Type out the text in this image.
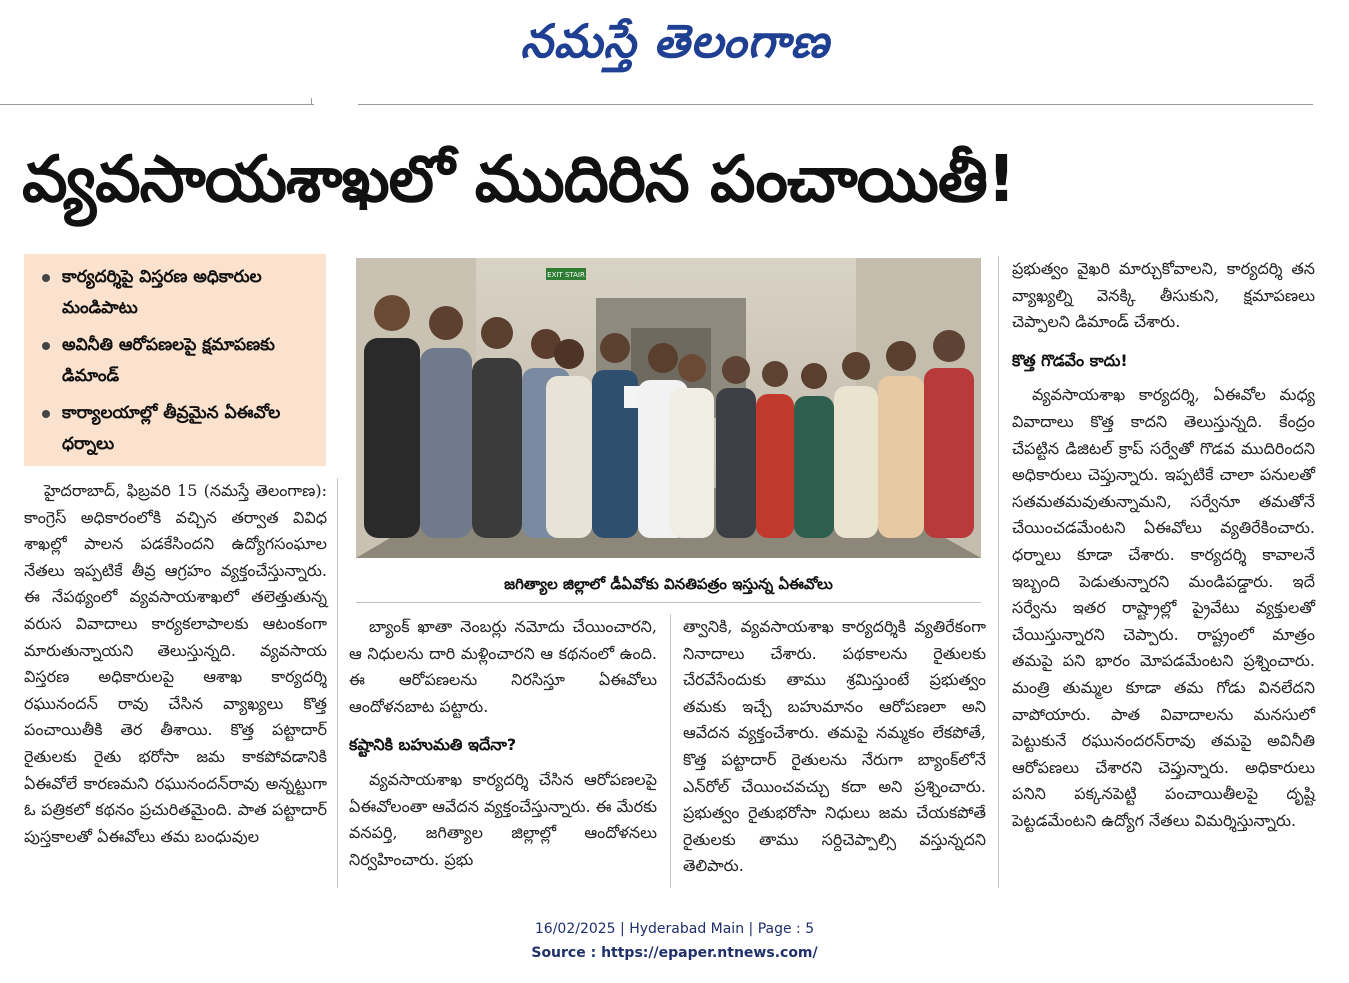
నమస్తే తెలంగాణ
వ్యవసాయశాఖలో ముదిరిన పంచాయితీ!
కార్యదర్శిపై విస్తరణ అధికారుల మండిపాటు
అవినీతి ఆరోపణలపై క్షమాపణకు డిమాండ్
కార్యాలయాల్లో తీవ్రమైన ఏఈవోల ధర్నాలు

హైదరాబాద్, ఫిబ్రవరి 15 (నమస్తే తెలంగాణ): కాంగ్రెస్ అధికారంలోకి వచ్చిన తర్వాత వివిధ శాఖల్లో పాలన పడకేసిందని ఉద్యోగసంఘాల నేతలు ఇప్పటికే తీవ్ర ఆగ్రహం వ్యక్తంచేస్తున్నారు. ఈ నేపథ్యంలో వ్యవసాయశాఖలో తలెత్తుతున్న వరుస వివాదాలు కార్యకలాపాలకు ఆటంకంగా మారుతున్నాయని తెలుస్తున్నది. వ్యవసాయ విస్తరణ అధికారులపై ఆశాఖ కార్యదర్శి రఘునందన్ రావు చేసిన వ్యాఖ్యలు కొత్త పంచాయితీకి తెర తీశాయి. కొత్త పట్టాదార్ రైతులకు రైతు భరోసా జమ కాకపోవడానికి ఏఈవోలే కారణమని రఘునందన్‌రావు అన్నట్టుగా ఓ పత్రికలో కథనం ప్రచురితమైంది. పాత పట్టాదార్ పుస్తకాలతో ఏఈవోలు తమ బంధువుల

EXIT STAIR
జగిత్యాల జిల్లాలో డీఏవోకు వినతిపత్రం ఇస్తున్న ఏఈవోలు

బ్యాంక్ ఖాతా నెంబర్లు నమోదు చేయించారని, ఆ నిధులను దారి మళ్లించారని ఆ కథనంలో ఉంది. ఈ ఆరోపణలను నిరసిస్తూ ఏఈవోలు ఆందోళనబాట పట్టారు.

కష్టానికి బహుమతి ఇదేనా?

వ్యవసాయశాఖ కార్యదర్శి చేసిన ఆరోపణలపై ఏఈవోలంతా ఆవేదన వ్యక్తంచేస్తున్నారు. ఈ మేరకు వనపర్తి, జగిత్యాల జిల్లాల్లో ఆందోళనలు నిర్వహించారు. ప్రభు

త్వానికి, వ్యవసాయశాఖ కార్యదర్శికి వ్యతిరేకంగా నినాదాలు చేశారు. పథకాలను రైతులకు చేరవేసేందుకు తాము శ్రమిస్తుంటే ప్రభుత్వం తమకు ఇచ్చే బహుమానం ఆరోపణలా అని ఆవేదన వ్యక్తంచేశారు. తమపై నమ్మకం లేకపోతే, కొత్త పట్టాదార్ రైతులను నేరుగా బ్యాంక్‌లోనే ఎన్‌రోల్ చేయించవచ్చు కదా అని ప్రశ్నించారు. ప్రభుత్వం రైతుభరోసా నిధులు జమ చేయకపోతే రైతులకు తాము సర్దిచెప్పాల్సి వస్తున్నదని తెలిపారు.

ప్రభుత్వం వైఖరి మార్చుకోవాలని, కార్యదర్శి తన వ్యాఖ్యల్ని వెనక్కి తీసుకుని, క్షమాపణలు చెప్పాలని డిమాండ్ చేశారు.

కొత్త గొడవేం కాదు!

వ్యవసాయశాఖ కార్యదర్శి, ఏఈవోల మధ్య వివాదాలు కొత్త కాదని తెలుస్తున్నది. కేంద్రం చేపట్టిన డిజిటల్ క్రాప్ సర్వేతో గొడవ ముదిరిందని అధికారులు చెప్తున్నారు. ఇప్పటికే చాలా పనులతో సతమతమవుతున్నామని, సర్వేనూ తమతోనే చేయించడమేంటని ఏఈవోలు వ్యతిరేకించారు. ధర్నాలు కూడా చేశారు. కార్యదర్శి కావాలనే ఇబ్బంది పెడుతున్నారని మండిపడ్డారు. ఇదే సర్వేను ఇతర రాష్ట్రాల్లో ప్రైవేటు వ్యక్తులతో చేయిస్తున్నారని చెప్పారు. రాష్ట్రంలో మాత్రం తమపై పని భారం మోపడమేంటని ప్రశ్నించారు. మంత్రి తుమ్మల కూడా తమ గోడు వినలేదని వాపోయారు. పాత వివాదాలను మనసులో పెట్టుకునే రఘునందరన్‌రావు తమపై అవినీతి ఆరోపణలు చేశారని చెప్తున్నారు. అధికారులు పనిని పక్కనపెట్టి పంచాయితీలపై దృష్టి పెట్టడమేంటని ఉద్యోగ నేతలు విమర్శిస్తున్నారు.

16/02/2025 | Hyderabad Main | Page : 5
Source : https://epaper.ntnews.com/
